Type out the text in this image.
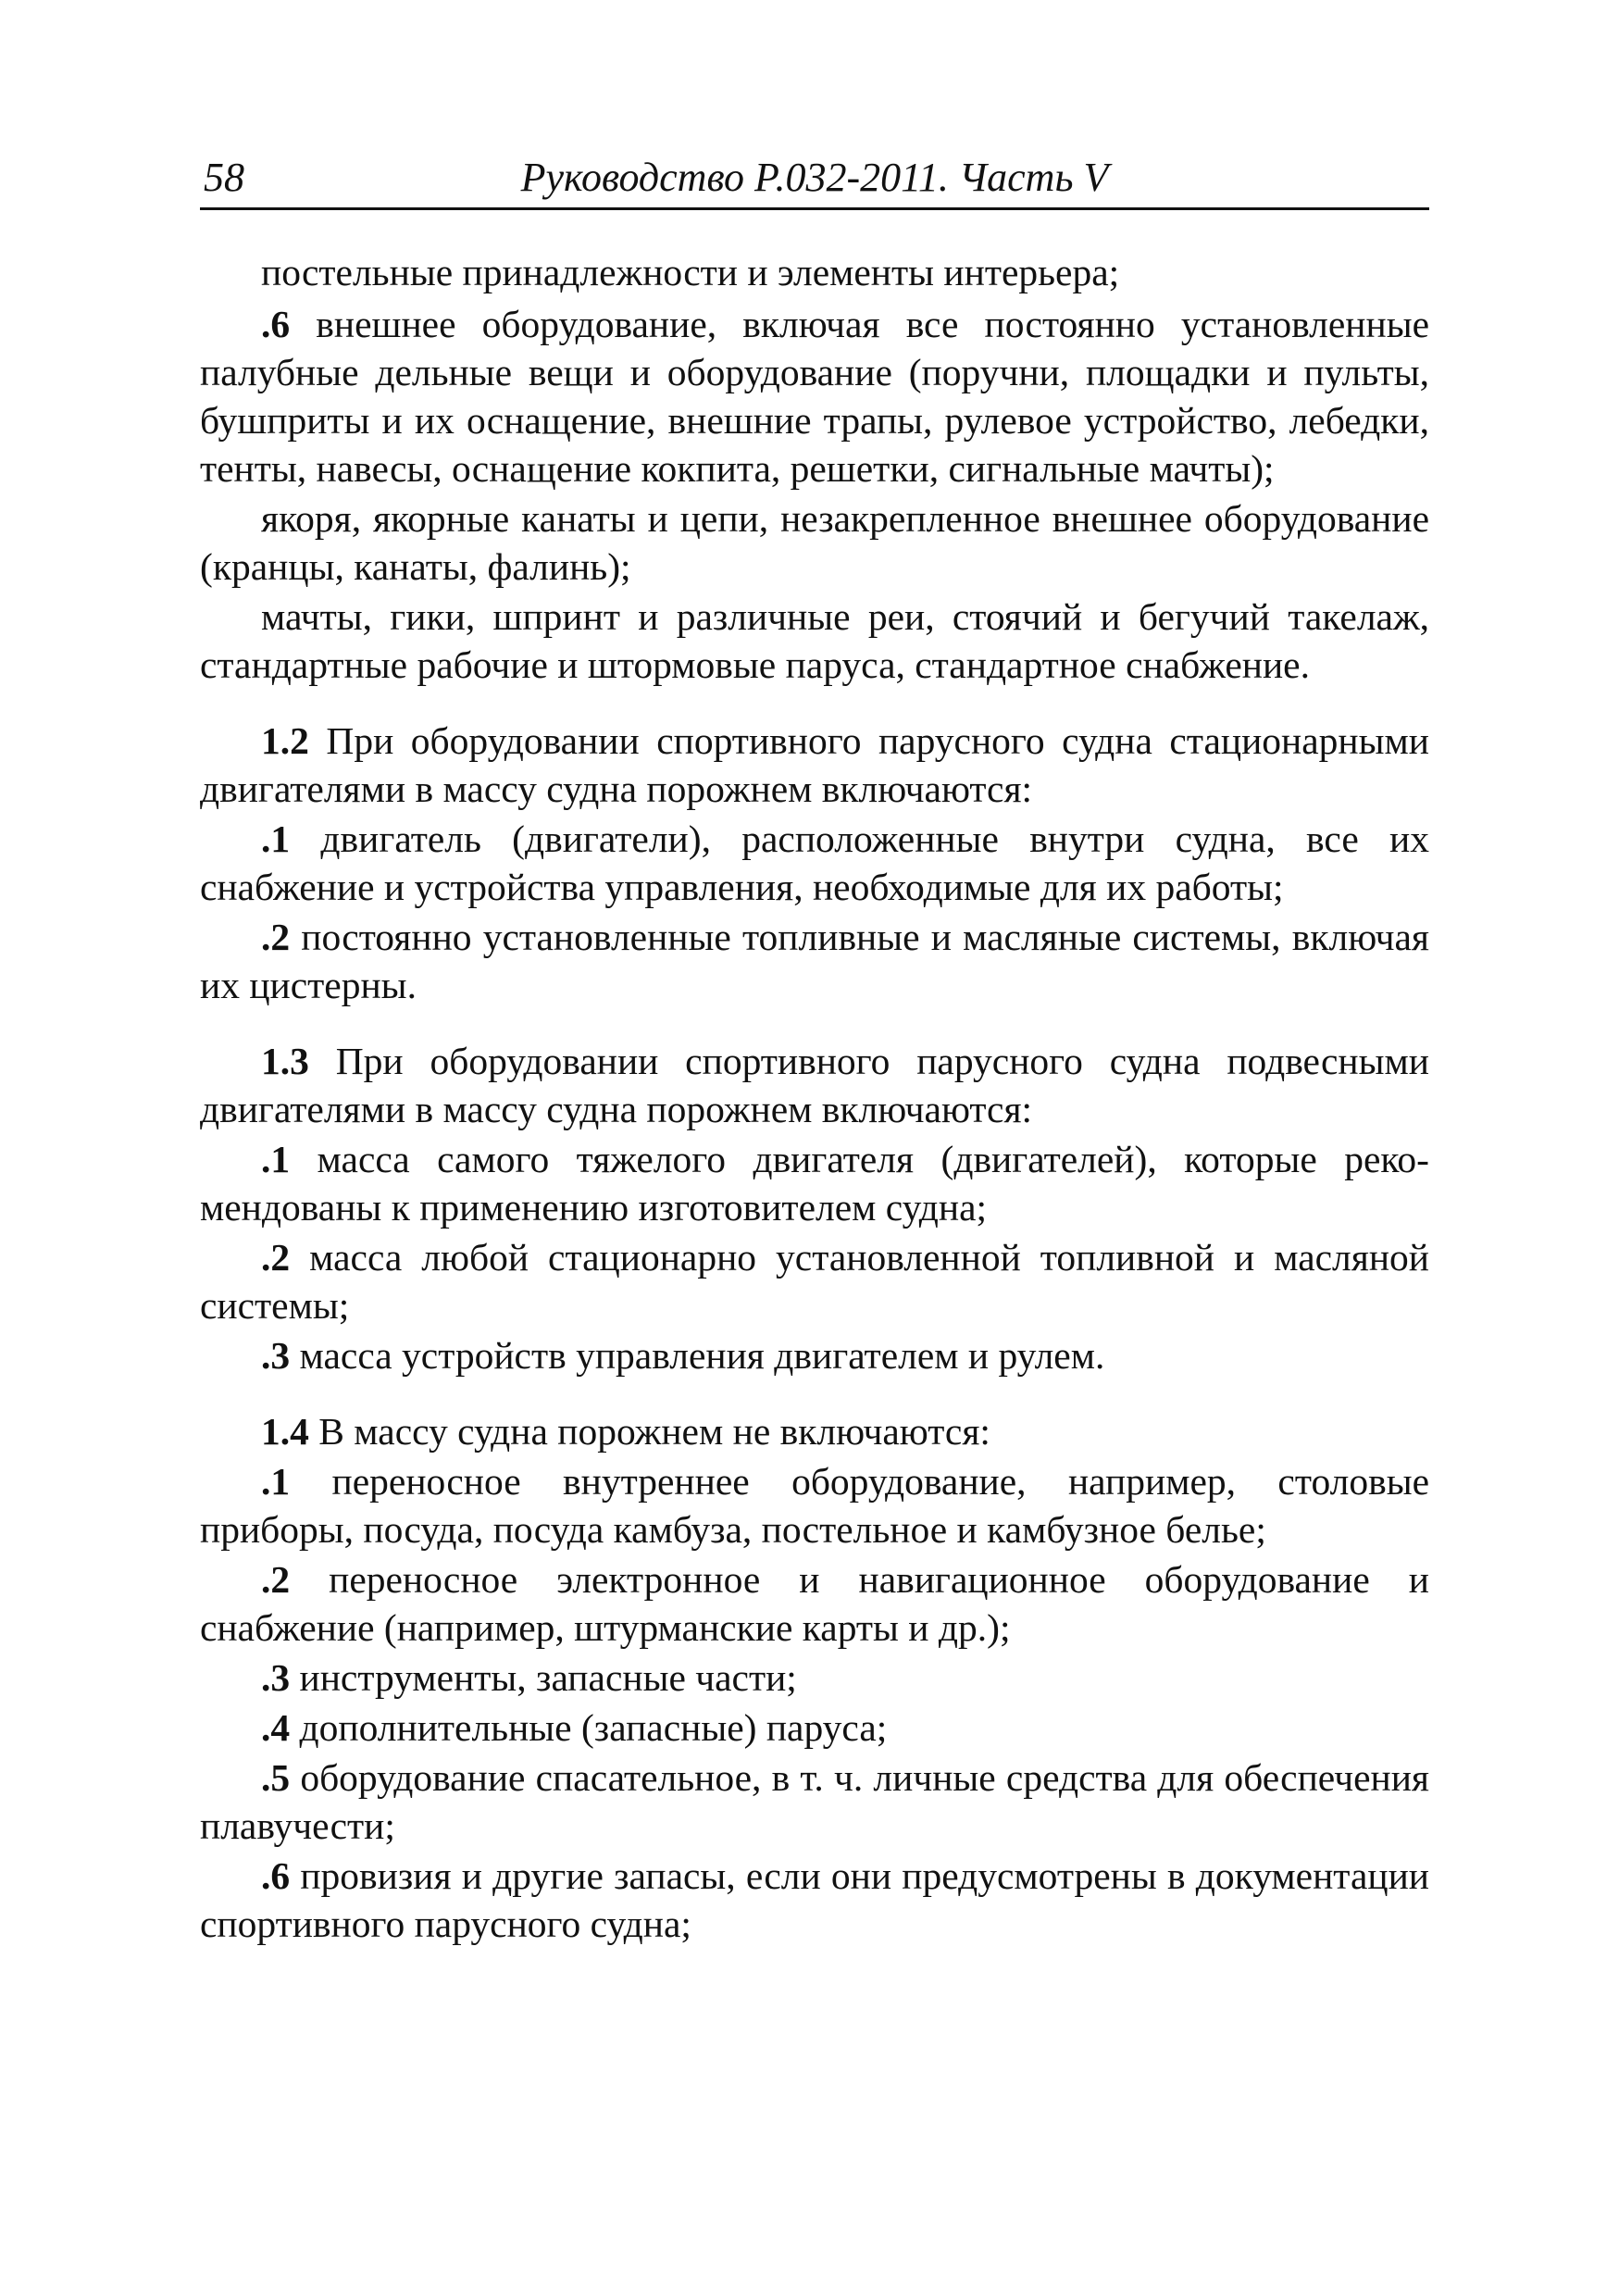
58	Руководство Р.032-2011. Часть V

постельные принадлежности и элементы интерьера;

.6 внешнее оборудование, включая все постоянно установленные палубные дельные вещи и оборудование (поручни, площадки и пульты, бушприты и их оснащение, внешние трапы, рулевое устройство, лебедки, тенты, навесы, оснащение кокпита, решетки, сигнальные мачты);

якоря, якорные канаты и цепи, незакрепленное внешнее оборудование (кранцы, канаты, фалинь);

мачты, гики, шпринт и различные реи, стоячий и бегучий такелаж, стандартные рабочие и штормовые паруса, стандартное снабжение.

1.2 При оборудовании спортивного парусного судна стационарными двигателями в массу судна порожнем включаются:

.1 двигатель (двигатели), расположенные внутри судна, все их снабжение и устройства управления, необходимые для их работы;

.2 постоянно установленные топливные и масляные системы, включая их цистерны.

1.3 При оборудовании спортивного парусного судна подвесными двигателями в массу судна порожнем включаются:

.1 масса самого тяжелого двигателя (двигателей), которые рекомендованы к применению изготовителем судна;

.2 масса любой стационарно установленной топливной и масляной системы;

.3 масса устройств управления двигателем и рулем.

1.4 В массу судна порожнем не включаются:

.1 переносное внутреннее оборудование, например, столовые приборы, посуда, посуда камбуза, постельное и камбузное белье;

.2 переносное электронное и навигационное оборудование и снабжение (например, штурманские карты и др.);

.3 инструменты, запасные части;

.4 дополнительные (запасные) паруса;

.5 оборудование спасательное, в т. ч. личные средства для обеспечения плавучести;

.6 провизия и другие запасы, если они предусмотрены в документации спортивного парусного судна;
